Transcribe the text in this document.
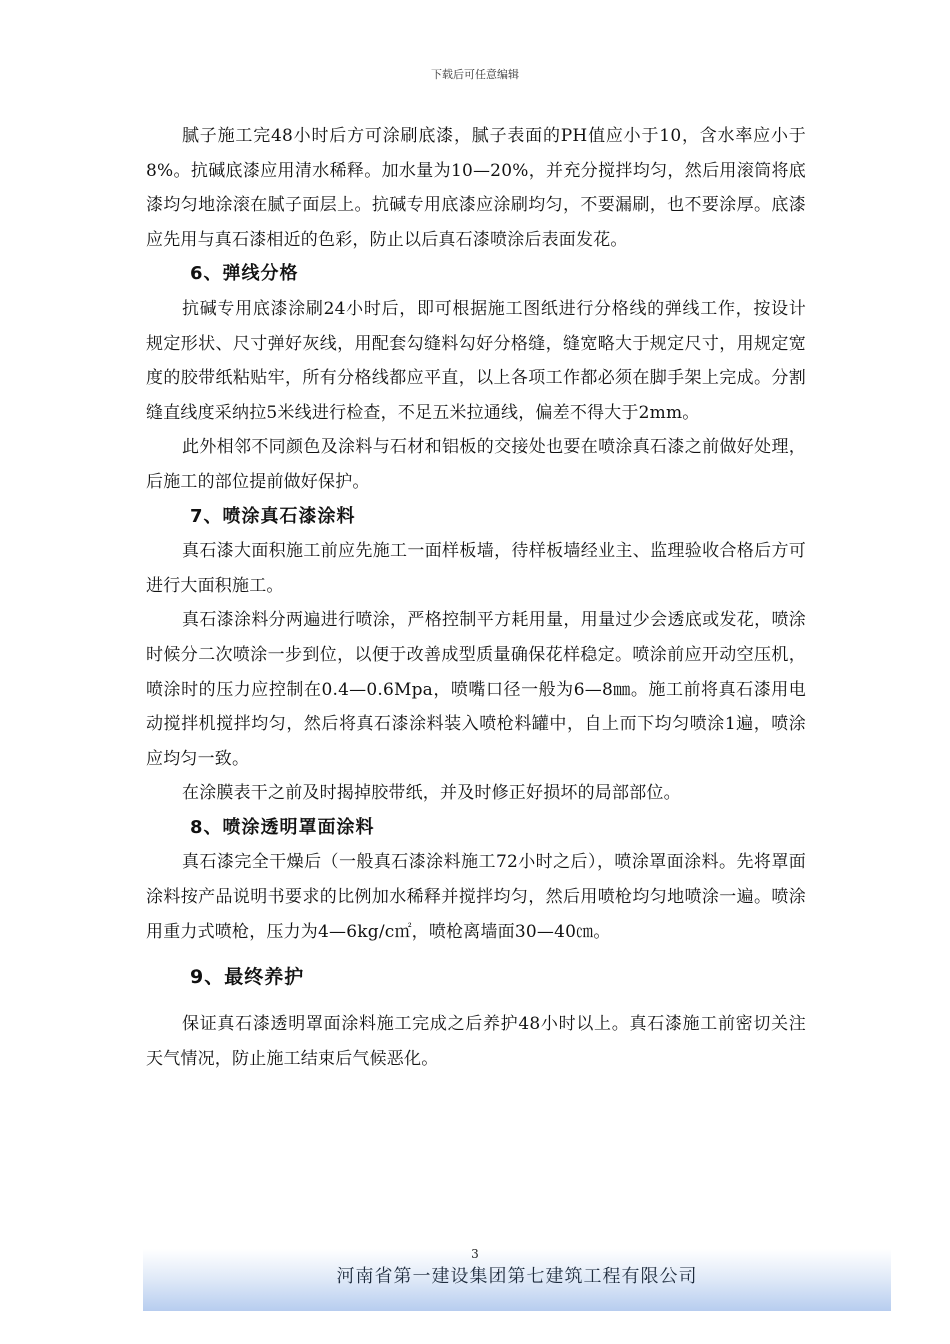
下载后可任意编辑

腻子施工完48小时后方可涂刷底漆，腻子表面的PH值应小于10，含水率应小于8%。抗碱底漆应用清水稀释。加水量为10—20%，并充分搅拌均匀，然后用滚筒将底漆均匀地涂滚在腻子面层上。抗碱专用底漆应涂刷均匀，不要漏刷，也不要涂厚。底漆应先用与真石漆相近的色彩，防止以后真石漆喷涂后表面发花。

6、弹线分格

抗碱专用底漆涂刷24小时后，即可根据施工图纸进行分格线的弹线工作，按设计规定形状、尺寸弹好灰线，用配套勾缝料勾好分格缝，缝宽略大于规定尺寸，用规定宽度的胶带纸粘贴牢，所有分格线都应平直，以上各项工作都必须在脚手架上完成。分割缝直线度采纳拉5米线进行检查，不足五米拉通线，偏差不得大于2mm。

此外相邻不同颜色及涂料与石材和铝板的交接处也要在喷涂真石漆之前做好处理，后施工的部位提前做好保护。

7、喷涂真石漆涂料

真石漆大面积施工前应先施工一面样板墙，待样板墙经业主、监理验收合格后方可进行大面积施工。

真石漆涂料分两遍进行喷涂，严格控制平方耗用量，用量过少会透底或发花，喷涂时候分二次喷涂一步到位，以便于改善成型质量确保花样稳定。喷涂前应开动空压机，喷涂时的压力应控制在0.4—0.6Mpa，喷嘴口径一般为6—8㎜。施工前将真石漆用电动搅拌机搅拌均匀，然后将真石漆涂料装入喷枪料罐中，自上而下均匀喷涂1遍，喷涂应均匀一致。

在涂膜表干之前及时揭掉胶带纸，并及时修正好损坏的局部部位。

8、喷涂透明罩面涂料

真石漆完全干燥后（一般真石漆涂料施工72小时之后），喷涂罩面涂料。先将罩面涂料按产品说明书要求的比例加水稀释并搅拌均匀，然后用喷枪均匀地喷涂一遍。喷涂用重力式喷枪，压力为4—6kg/c㎡，喷枪离墙面30—40㎝。

9、最终养护

保证真石漆透明罩面涂料施工完成之后养护48小时以上。真石漆施工前密切关注天气情况，防止施工结束后气候恶化。

3
河南省第一建设集团第七建筑工程有限公司
